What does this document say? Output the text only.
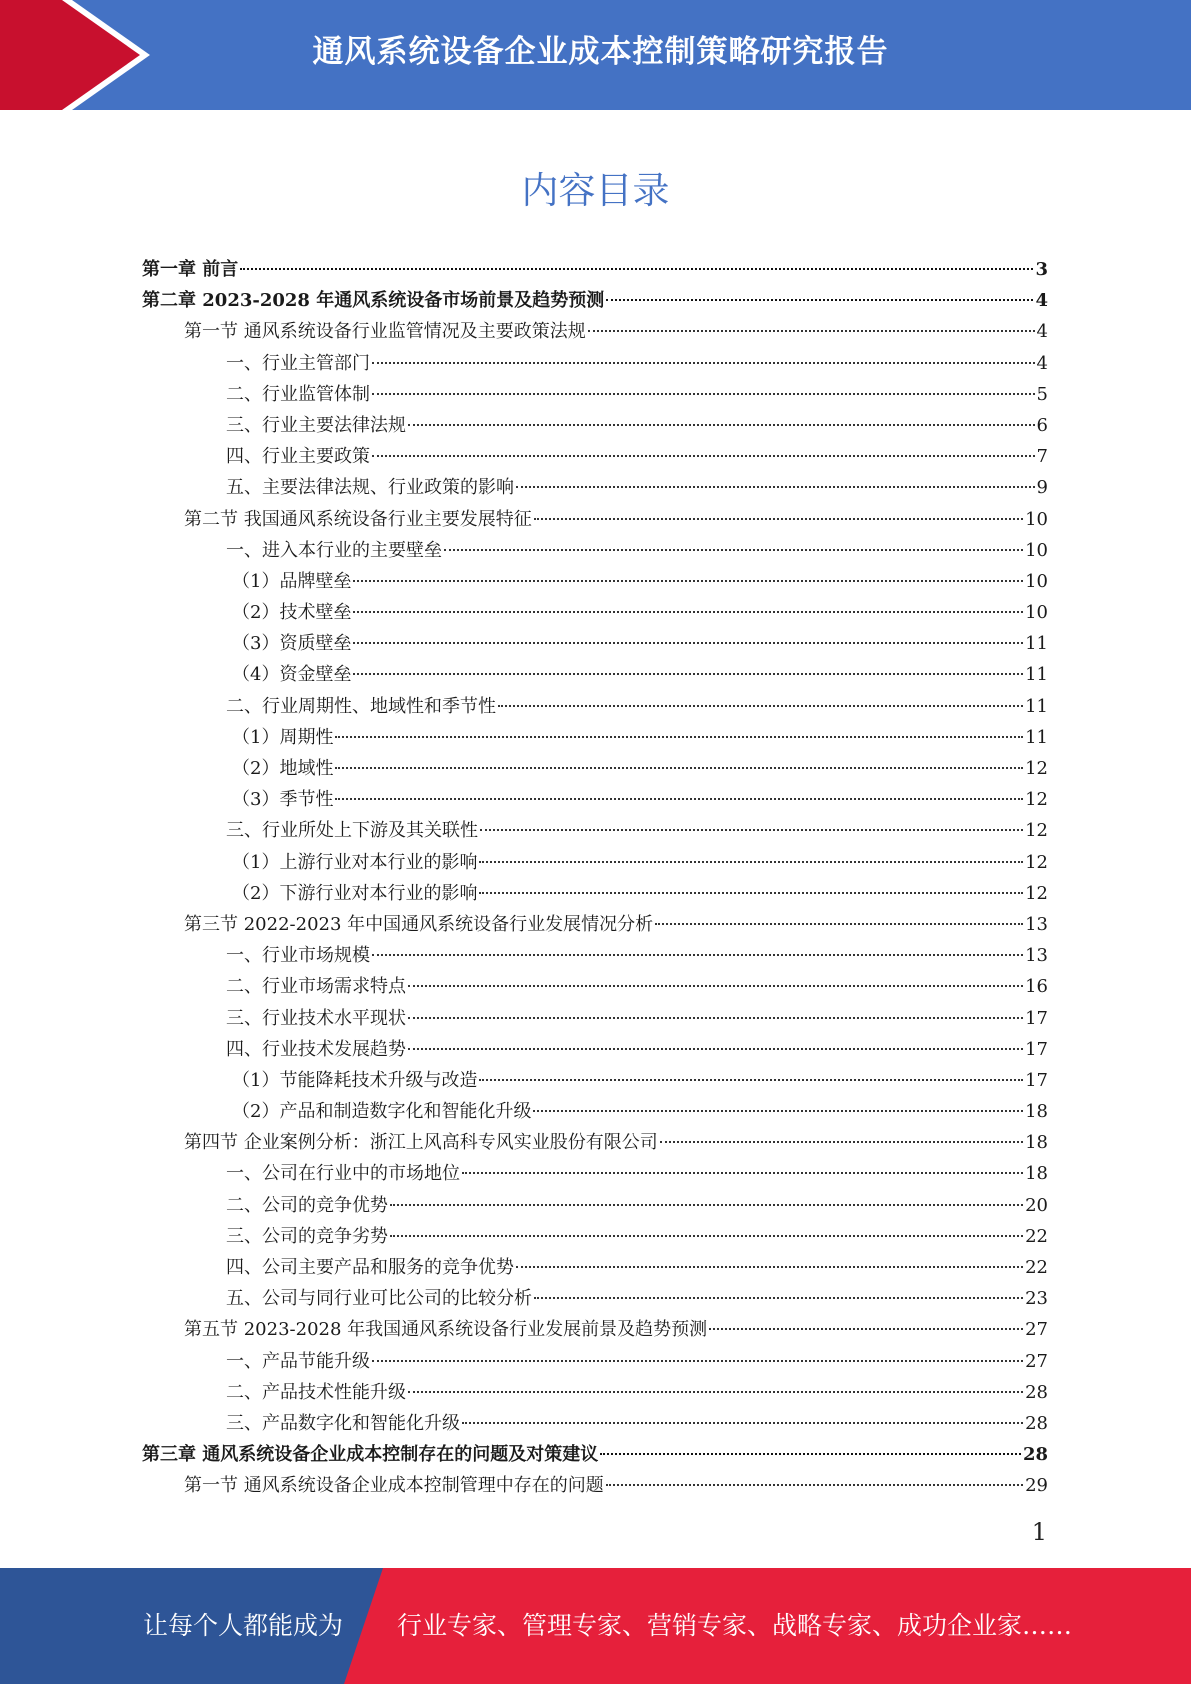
通风系统设备企业成本控制策略研究报告
内容目录
第一章 前言	3
第二章 2023-2028 年通风系统设备市场前景及趋势预测	4
第一节 通风系统设备行业监管情况及主要政策法规	4
一、行业主管部门	4
二、行业监管体制	5
三、行业主要法律法规	6
四、行业主要政策	7
五、主要法律法规、行业政策的影响	9
第二节 我国通风系统设备行业主要发展特征	10
一、进入本行业的主要壁垒	10
（1）品牌壁垒	10
（2）技术壁垒	10
（3）资质壁垒	11
（4）资金壁垒	11
二、行业周期性、地域性和季节性	11
（1）周期性	11
（2）地域性	12
（3）季节性	12
三、行业所处上下游及其关联性	12
（1）上游行业对本行业的影响	12
（2）下游行业对本行业的影响	12
第三节 2022-2023 年中国通风系统设备行业发展情况分析	13
一、行业市场规模	13
二、行业市场需求特点	16
三、行业技术水平现状	17
四、行业技术发展趋势	17
（1）节能降耗技术升级与改造	17
（2）产品和制造数字化和智能化升级	18
第四节 企业案例分析：浙江上风高科专风实业股份有限公司	18
一、公司在行业中的市场地位	18
二、公司的竞争优势	20
三、公司的竞争劣势	22
四、公司主要产品和服务的竞争优势	22
五、公司与同行业可比公司的比较分析	23
第五节 2023-2028 年我国通风系统设备行业发展前景及趋势预测	27
一、产品节能升级	27
二、产品技术性能升级	28
三、产品数字化和智能化升级	28
第三章 通风系统设备企业成本控制存在的问题及对策建议	28
第一节 通风系统设备企业成本控制管理中存在的问题	29
1
让每个人都能成为 行业专家、管理专家、营销专家、战略专家、成功企业家……
